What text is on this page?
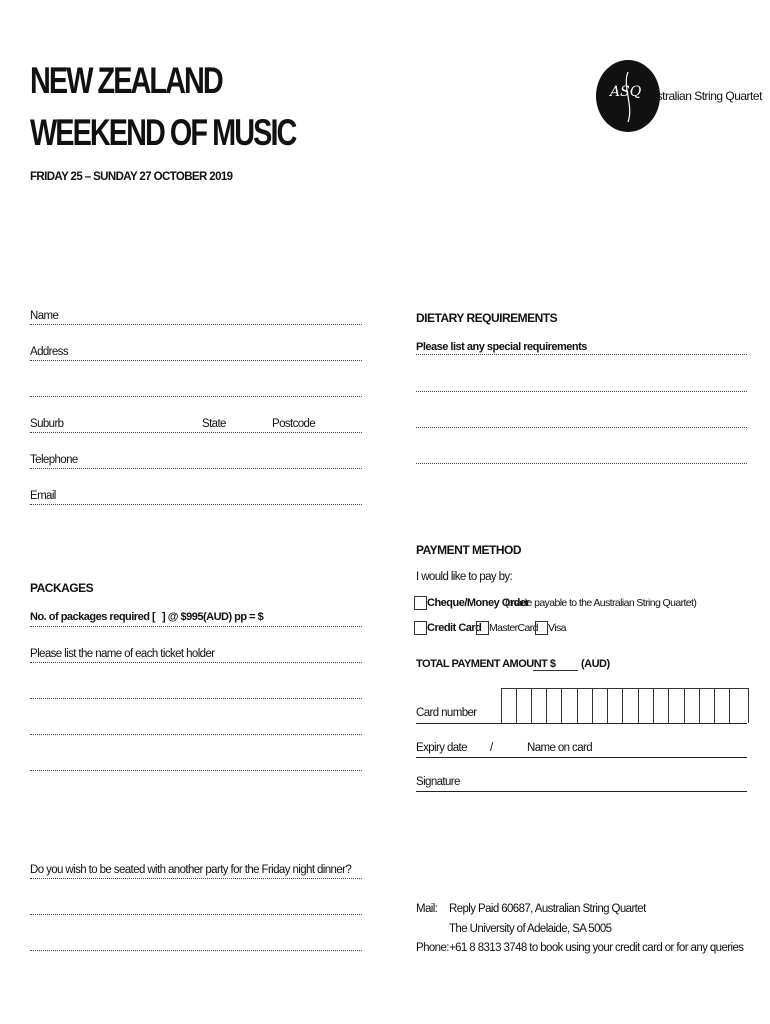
NEW ZEALAND
WEEKEND OF MUSIC
FRIDAY 25 – SUNDAY 27 OCTOBER 2019
ASQ Australian String Quartet
Name
Address
Suburb	State	Postcode
Telephone
Email
DIETARY REQUIREMENTS
Please list any special requirements
PACKAGES
No. of packages required [ ] @ $995(AUD) pp = $
Please list the name of each ticket holder
PAYMENT METHOD
I would like to pay by:
Cheque/Money Order
(made payable to the Australian String Quartet)
Credit Card MasterCard Visa
TOTAL PAYMENT AMOUNT $ (AUD)
Card number
Expiry date /	Name on card
Signature
Do you wish to be seated with another party for the Friday night dinner?
Mail: Reply Paid 60687, Australian String Quartet
The University of Adelaide, SA 5005
Phone: +61 8 8313 3748 to book using your credit card or for any queries
